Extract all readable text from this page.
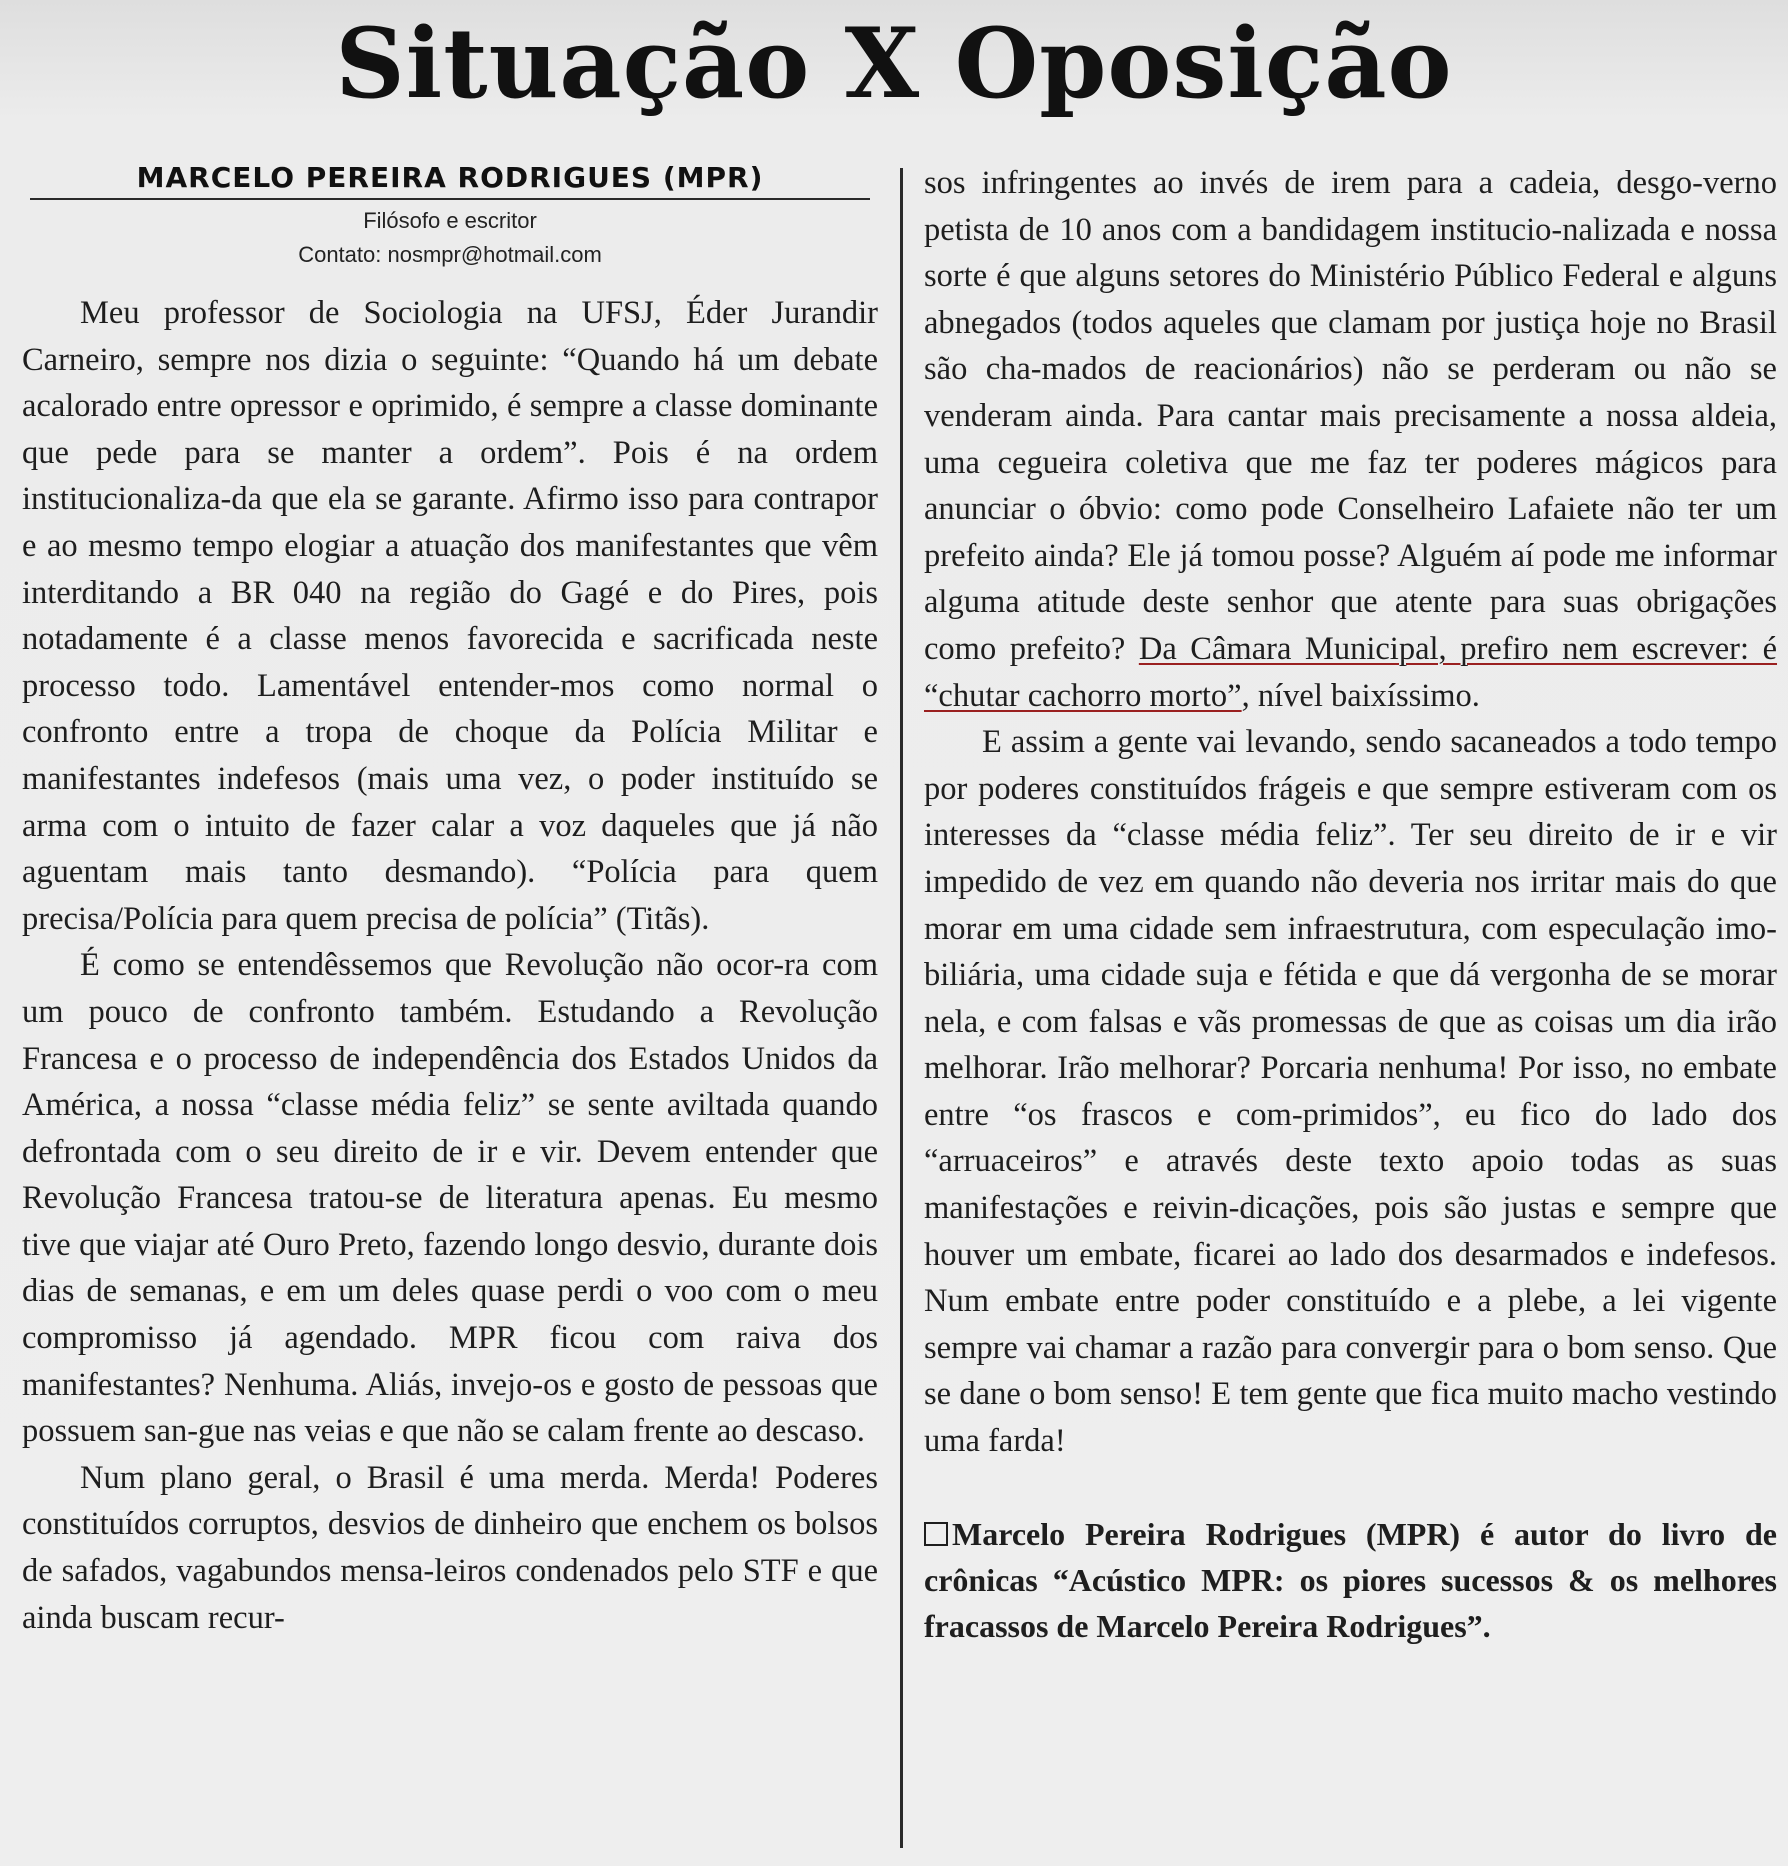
Situação X Oposição
MARCELO PEREIRA RODRIGUES (MPR)
Filósofo e escritor
Contato: nosmpr@hotmail.com

Meu professor de Sociologia na UFSJ, Éder Jurandir Carneiro, sempre nos dizia o seguinte: “Quando há um debate acalorado entre opressor e oprimido, é sempre a classe dominante que pede para se manter a ordem”. Pois é na ordem institucionaliza-da que ela se garante. Afirmo isso para contrapor e ao mesmo tempo elogiar a atuação dos manifestantes que vêm interditando a BR 040 na região do Gagé e do Pires, pois notadamente é a classe menos favorecida e sacrificada neste processo todo. Lamentável entender-mos como normal o confronto entre a tropa de choque da Polícia Militar e manifestantes indefesos (mais uma vez, o poder instituído se arma com o intuito de fazer calar a voz daqueles que já não aguentam mais tanto desmando). “Polícia para quem precisa/Polícia para quem precisa de polícia” (Titãs).

É como se entendêssemos que Revolução não ocor-ra com um pouco de confronto também. Estudando a Revolução Francesa e o processo de independência dos Estados Unidos da América, a nossa “classe média feliz” se sente aviltada quando defrontada com o seu direito de ir e vir. Devem entender que Revolução Francesa tratou-se de literatura apenas. Eu mesmo tive que viajar até Ouro Preto, fazendo longo desvio, durante dois dias de semanas, e em um deles quase perdi o voo com o meu compromisso já agendado. MPR ficou com raiva dos manifestantes? Nenhuma. Aliás, invejo-os e gosto de pessoas que possuem san-gue nas veias e que não se calam frente ao descaso.

Num plano geral, o Brasil é uma merda. Merda! Poderes constituídos corruptos, desvios de dinheiro que enchem os bolsos de safados, vagabundos mensa-leiros condenados pelo STF e que ainda buscam recur-

sos infringentes ao invés de irem para a cadeia, desgo-verno petista de 10 anos com a bandidagem institucio-nalizada e nossa sorte é que alguns setores do Ministério Público Federal e alguns abnegados (todos aqueles que clamam por justiça hoje no Brasil são cha-mados de reacionários) não se perderam ou não se venderam ainda. Para cantar mais precisamente a nossa aldeia, uma cegueira coletiva que me faz ter poderes mágicos para anunciar o óbvio: como pode Conselheiro Lafaiete não ter um prefeito ainda? Ele já tomou posse? Alguém aí pode me informar alguma atitude deste senhor que atente para suas obrigações como prefeito? Da Câmara Municipal, prefiro nem escrever: é “chutar cachorro morto”, nível baixíssimo.

E assim a gente vai levando, sendo sacaneados a todo tempo por poderes constituídos frágeis e que sempre estiveram com os interesses da “classe média feliz”. Ter seu direito de ir e vir impedido de vez em quando não deveria nos irritar mais do que morar em uma cidade sem infraestrutura, com especulação imo-biliária, uma cidade suja e fétida e que dá vergonha de se morar nela, e com falsas e vãs promessas de que as coisas um dia irão melhorar. Irão melhorar? Porcaria nenhuma! Por isso, no embate entre “os frascos e com-primidos”, eu fico do lado dos “arruaceiros” e através deste texto apoio todas as suas manifestações e reivin-dicações, pois são justas e sempre que houver um embate, ficarei ao lado dos desarmados e indefesos. Num embate entre poder constituído e a plebe, a lei vigente sempre vai chamar a razão para convergir para o bom senso. Que se dane o bom senso! E tem gente que fica muito macho vestindo uma farda!

Marcelo Pereira Rodrigues (MPR) é autor do livro de crônicas “Acústico MPR: os piores sucessos & os melhores fracassos de Marcelo Pereira Rodrigues”.
